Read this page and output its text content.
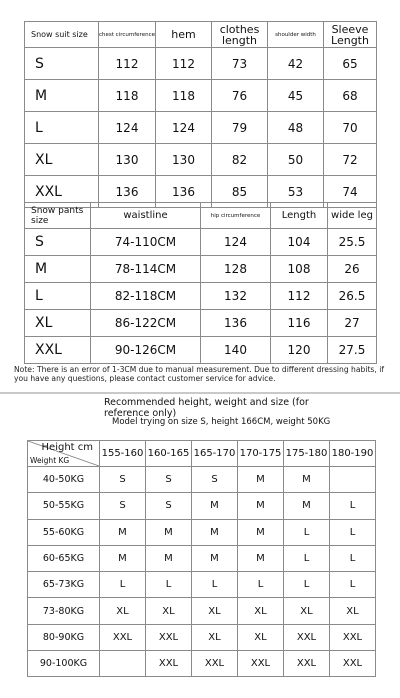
Snow suit size	chest circumference	hem	clothes length	shoulder width	Sleeve Length
S	112	112	73	42	65
M	118	118	76	45	68
L	124	124	79	48	70
XL	130	130	82	50	72
XXL	136	136	85	53	74
Snow pants size	waistline	hip circumference	Length	wide leg
S	74-110CM	124	104	25.5
M	78-114CM	128	108	26
L	82-118CM	132	112	26.5
XL	86-122CM	136	116	27
XXL	90-126CM	140	120	27.5
Note: There is an error of 1-3CM due to manual measurement. Due to different dressing habits, if you have any questions, please contact customer service for advice.
Recommended height, weight and size (for reference only)
Model trying on size S, height 166CM, weight 50KG
Height cm
Weight KG	155-160	160-165	165-170	170-175	175-180	180-190
40-50KG	S	S	S	M	M	
50-55KG	S	S	M	M	M	L
55-60KG	M	M	M	M	L	L
60-65KG	M	M	M	M	L	L
65-73KG	L	L	L	L	L	L
73-80KG	XL	XL	XL	XL	XL	XL
80-90KG	XXL	XXL	XL	XL	XXL	XXL
90-100KG		XXL	XXL	XXL	XXL	XXL
